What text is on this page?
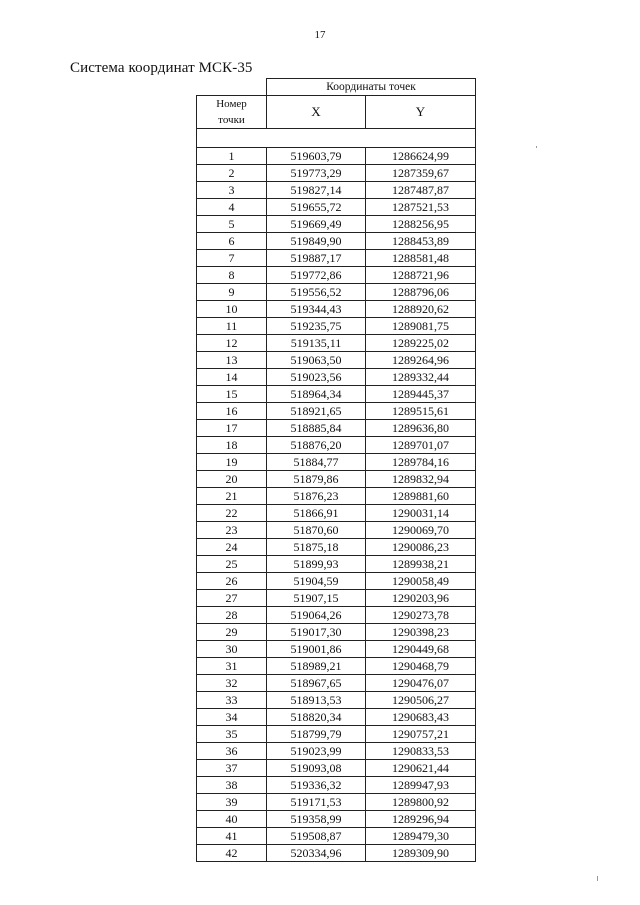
17
Система координат МСК-35
	Координаты точек	
Номер
точки	X	Y

1	519603,79	1286624,99
2	519773,29	1287359,67
3	519827,14	1287487,87
4	519655,72	1287521,53
5	519669,49	1288256,95
6	519849,90	1288453,89
7	519887,17	1288581,48
8	519772,86	1288721,96
9	519556,52	1288796,06
10	519344,43	1288920,62
11	519235,75	1289081,75
12	519135,11	1289225,02
13	519063,50	1289264,96
14	519023,56	1289332,44
15	518964,34	1289445,37
16	518921,65	1289515,61
17	518885,84	1289636,80
18	518876,20	1289701,07
19	51884,77	1289784,16
20	51879,86	1289832,94
21	51876,23	1289881,60
22	51866,91	1290031,14
23	51870,60	1290069,70
24	51875,18	1290086,23
25	51899,93	1289938,21
26	51904,59	1290058,49
27	51907,15	1290203,96
28	519064,26	1290273,78
29	519017,30	1290398,23
30	519001,86	1290449,68
31	518989,21	1290468,79
32	518967,65	1290476,07
33	518913,53	1290506,27
34	518820,34	1290683,43
35	518799,79	1290757,21
36	519023,99	1290833,53
37	519093,08	1290621,44
38	519336,32	1289947,93
39	519171,53	1289800,92
40	519358,99	1289296,94
41	519508,87	1289479,30
42	520334,96	1289309,90
